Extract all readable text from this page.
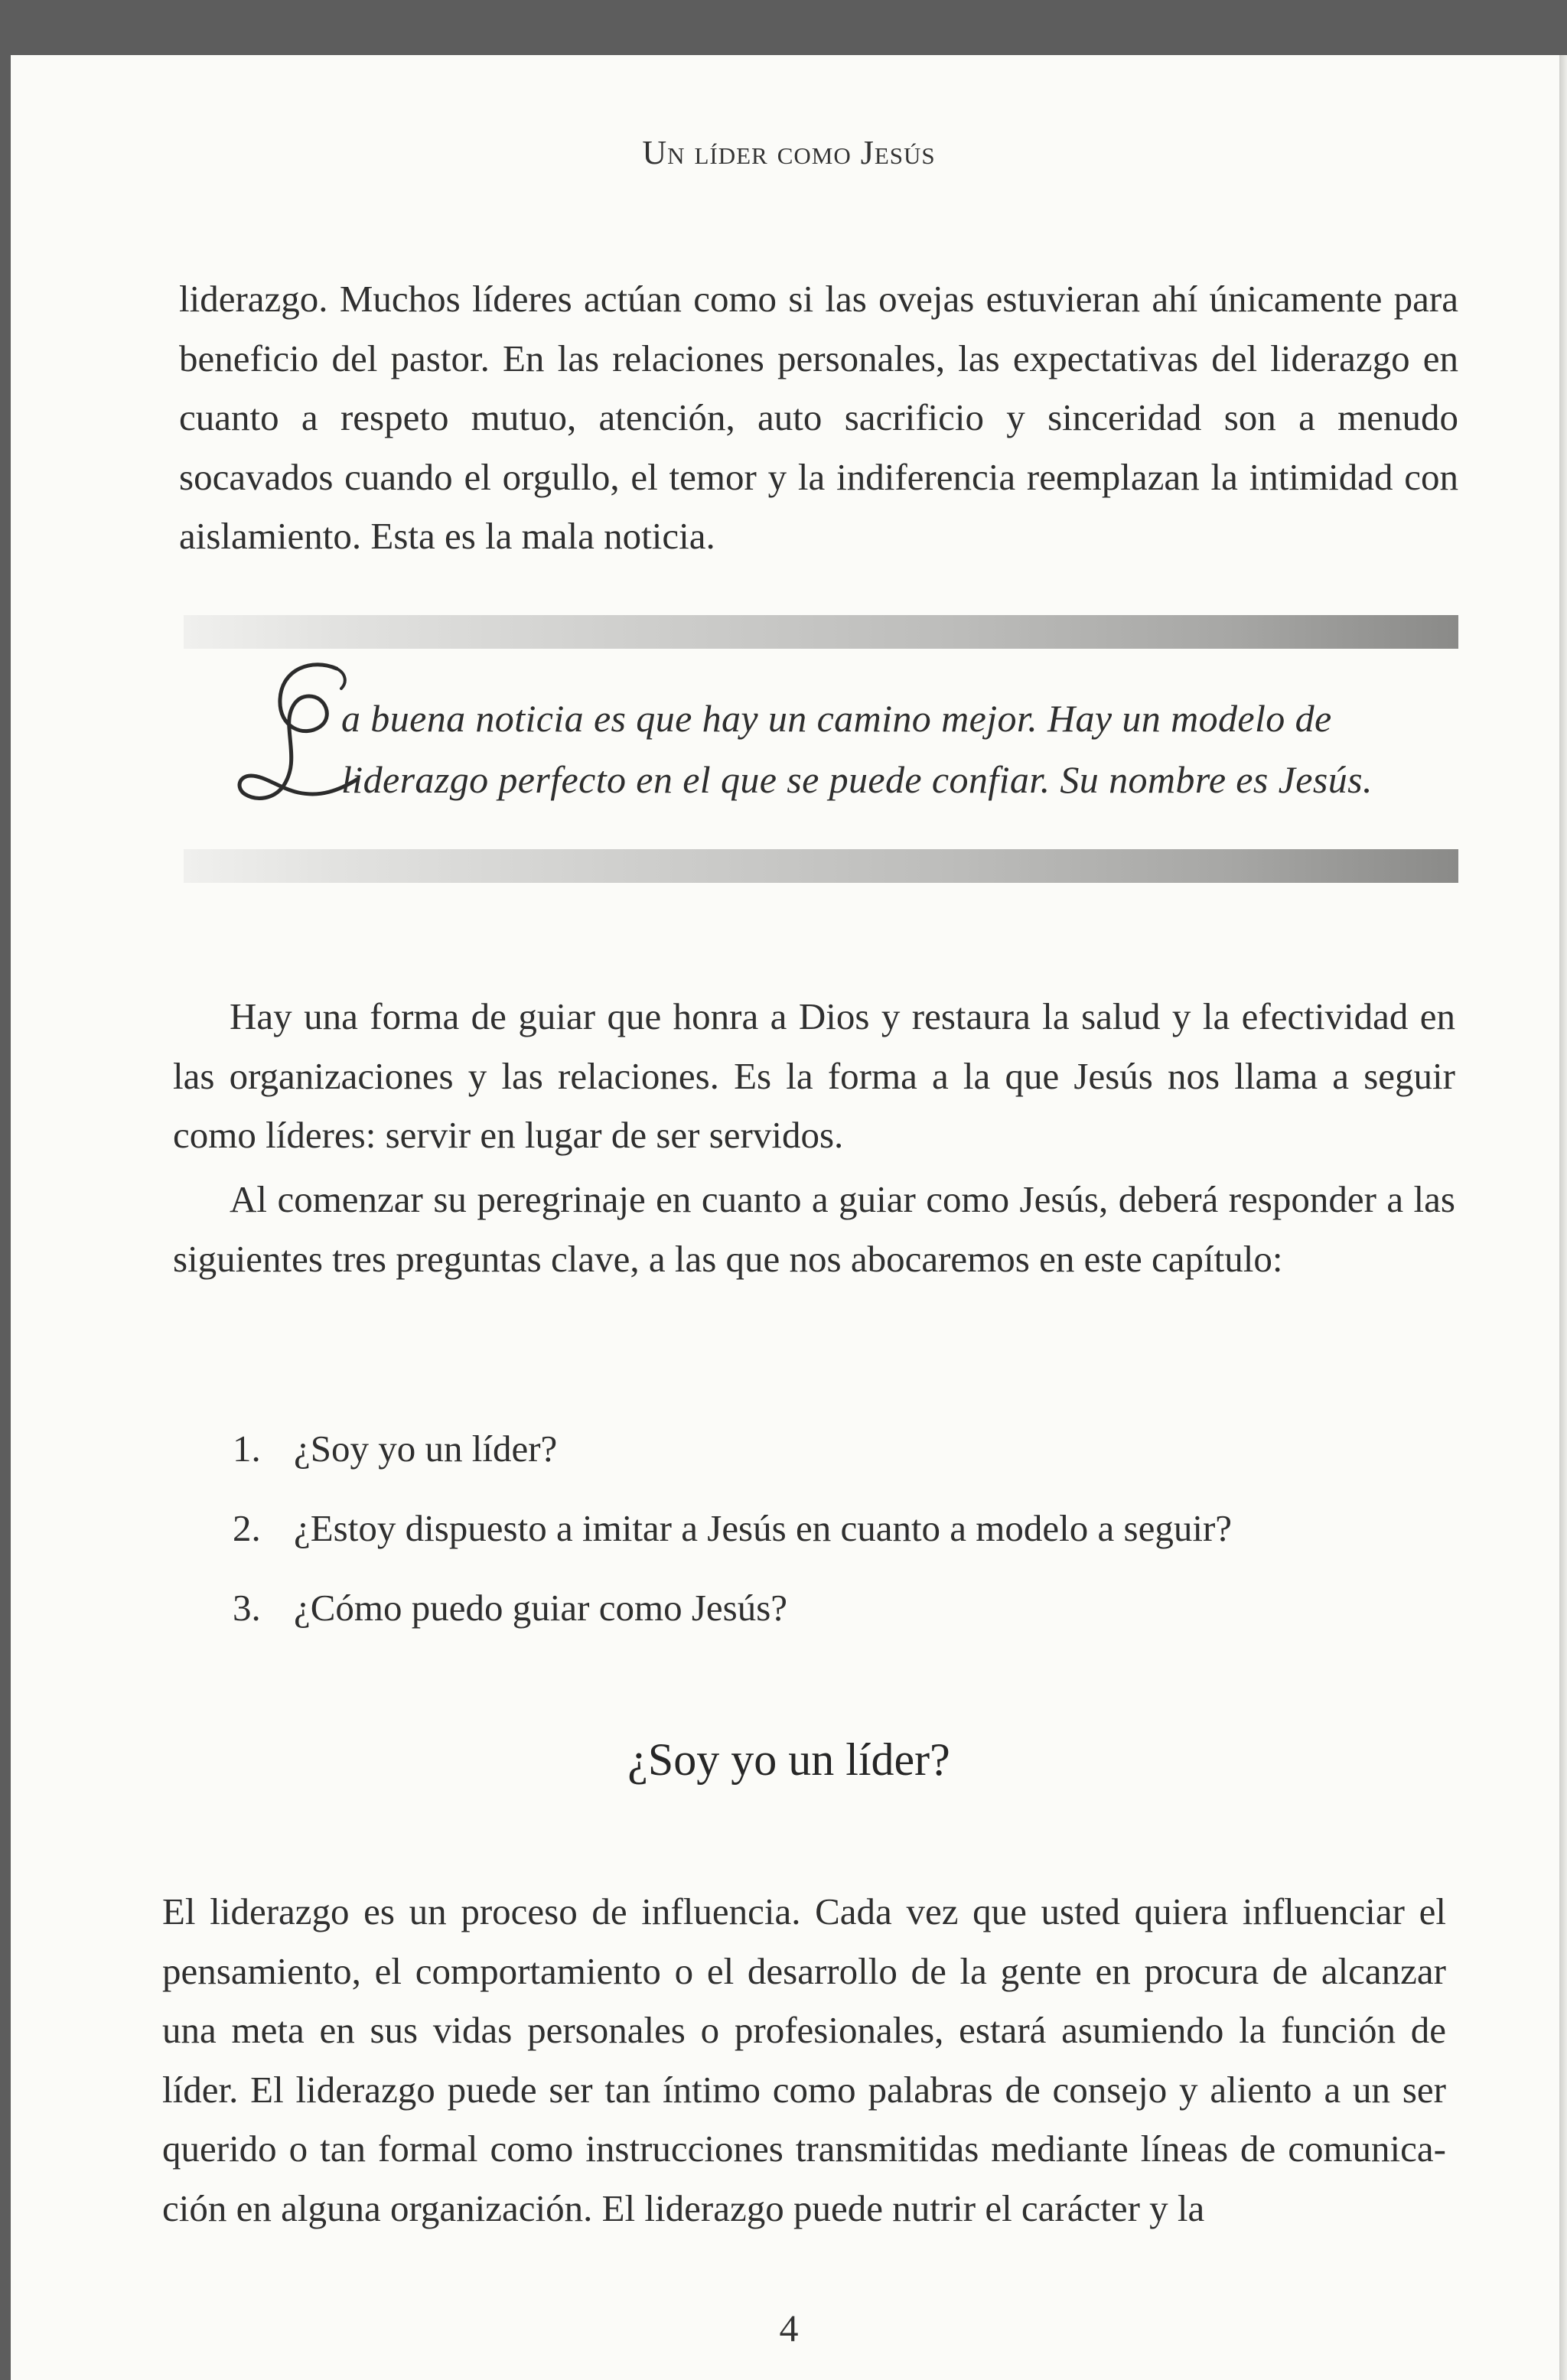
Un líder como Jesús

liderazgo. Muchos líderes actúan como si las ovejas estuvieran ahí únicamente para beneficio del pastor. En las relaciones personales, las expectativas del liderazgo en cuanto a respeto mutuo, atención, auto sacrificio y sinceridad son a menudo socavados cuando el orgullo, el temor y la indiferencia reemplazan la intimidad con aislamiento. Esta es la mala noticia.

a buena noticia es que hay un camino mejor. Hay un modelo de

liderazgo perfecto en el que se puede confiar. Su nombre es Jesús.

Hay una forma de guiar que honra a Dios y restaura la salud y la efectividad en las organizaciones y las relaciones. Es la forma a la que Jesús nos llama a seguir como líderes: servir en lugar de ser servidos.

Al comenzar su peregrinaje en cuanto a guiar como Jesús, deberá responder a las siguientes tres preguntas clave, a las que nos abocaremos en este capítulo:

1. ¿Soy yo un líder?
2. ¿Estoy dispuesto a imitar a Jesús en cuanto a modelo a seguir?
3. ¿Cómo puedo guiar como Jesús?
¿Soy yo un líder?

El liderazgo es un proceso de influencia. Cada vez que usted quiera influenciar el pensamiento, el comportamiento o el desarrollo de la gente en procura de alcanzar una meta en sus vidas personales o profesionales, estará asumiendo la función de líder. El liderazgo puede ser tan íntimo como palabras de consejo y aliento a un ser querido o tan formal como instrucciones transmitidas mediante líneas de comunicación en alguna organización. El liderazgo puede nutrir el carácter y la

4
